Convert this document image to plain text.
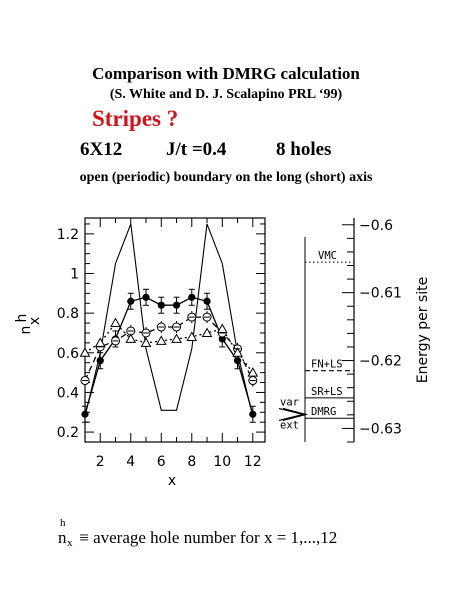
Comparison with DMRG calculation

(S. White and D. J. Scalapino PRL ‘99)

Stripes ?

6X12 J/t =0.4	8 holes

open (periodic) boundary on the long (short) axis

2 4 6 8 10 12
0.2
0.4
0.6
0.8
1
1.2
x
n
h
x
−0.6
−0.61
−0.62
−0.63
Energy per site
VMC
FN+LS
SR+LS
DMRG
var
ext

n
h
x ≡ average hole number for x = 1,...,12
